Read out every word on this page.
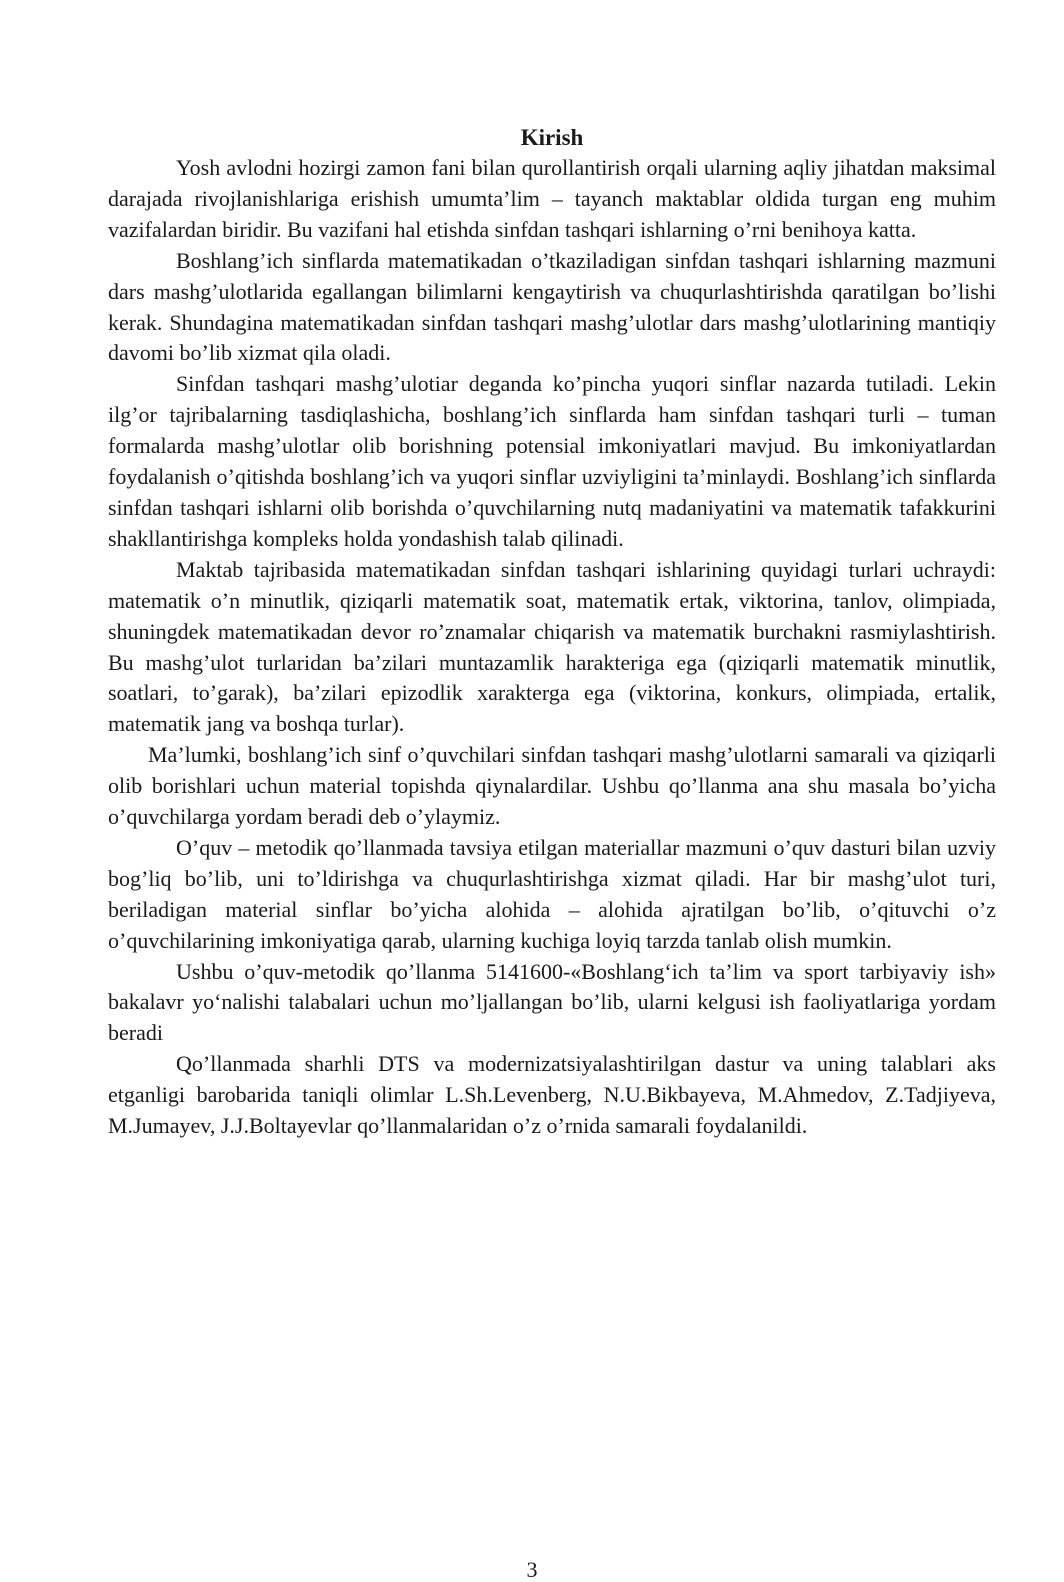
Kirish

Yosh avlodni hozirgi zamon fani bilan qurollantirish orqali ularning aqliy jihatdan maksimal darajada rivojlanishlariga erishish umumta’lim – tayanch maktablar oldida turgan eng muhim vazifalardan biridir. Bu vazifani hal etishda sinfdan tashqari ishlarning o’rni benihoya katta.

Boshlang’ich sinflarda matematikadan o’tkaziladigan sinfdan tashqari ishlarning mazmuni dars mashg’ulotlarida egallangan bilimlarni kengaytirish va chuqurlashtirishda qaratilgan bo’lishi kerak. Shundagina matematikadan sinfdan tashqari mashg’ulotlar dars mashg’ulotlarining mantiqiy davomi bo’lib xizmat qila oladi.

Sinfdan tashqari mashg’ulotiar deganda ko’pincha yuqori sinflar nazarda tutiladi. Lekin ilg’or tajribalarning tasdiqlashicha, boshlang’ich sinflarda ham sinfdan tashqari turli – tuman formalarda mashg’ulotlar olib borishning potensial imkoniyatlari mavjud. Bu imkoniyatlardan foydalanish o’qitishda boshlang’ich va yuqori sinflar uzviyligini ta’minlaydi. Boshlang’ich sinflarda sinfdan tashqari ishlarni olib borishda o’quvchilarning nutq madaniyatini va matematik tafakkurini shakllantirishga kompleks holda yondashish talab qilinadi.

Maktab tajribasida matematikadan sinfdan tashqari ishlarining quyidagi turlari uchraydi: matematik o’n minutlik, qiziqarli matematik soat, matematik ertak, viktorina, tanlov, olimpiada, shuningdek matematikadan devor ro’znamalar chiqarish va matematik burchakni rasmiylashtirish. Bu mashg’ulot turlaridan ba’zilari muntazamlik harakteriga ega (qiziqarli matematik minutlik, soatlari, to’garak), ba’zilari epizodlik xarakterga ega (viktorina, konkurs, olimpiada, ertalik, matematik jang va boshqa turlar).

Ma’lumki, boshlang’ich sinf o’quvchilari sinfdan tashqari mashg’ulotlarni samarali va qiziqarli olib borishlari uchun material topishda qiynalardilar. Ushbu qo’llanma ana shu masala bo’yicha o’quvchilarga yordam beradi deb o’ylaymiz.

O’quv – metodik qo’llanmada tavsiya etilgan materiallar mazmuni o’quv dasturi bilan uzviy bog’liq bo’lib, uni to’ldirishga va chuqurlashtirishga xizmat qiladi. Har bir mashg’ulot turi, beriladigan material sinflar bo’yicha alohida – alohida ajratilgan bo’lib, o’qituvchi o’z o’quvchilarining imkoniyatiga qarab, ularning kuchiga loyiq tarzda tanlab olish mumkin.

Ushbu o’quv-metodik qo’llanma 5141600-«Boshlang‘ich ta’lim va sport tarbiyaviy ish» bakalavr yo‘nalishi talabalari uchun mo’ljallangan bo’lib, ularni kelgusi ish faoliyatlariga yordam beradi

Qo’llanmada sharhli DTS va modernizatsiyalashtirilgan dastur va uning talablari aks etganligi barobarida taniqli olimlar L.Sh.Levenberg, N.U.Bikbayeva, M.Ahmedov, Z.Tadjiyeva, M.Jumayev, J.J.Boltayevlar qo’llanmalaridan o’z o’rnida samarali foydalanildi.

3
